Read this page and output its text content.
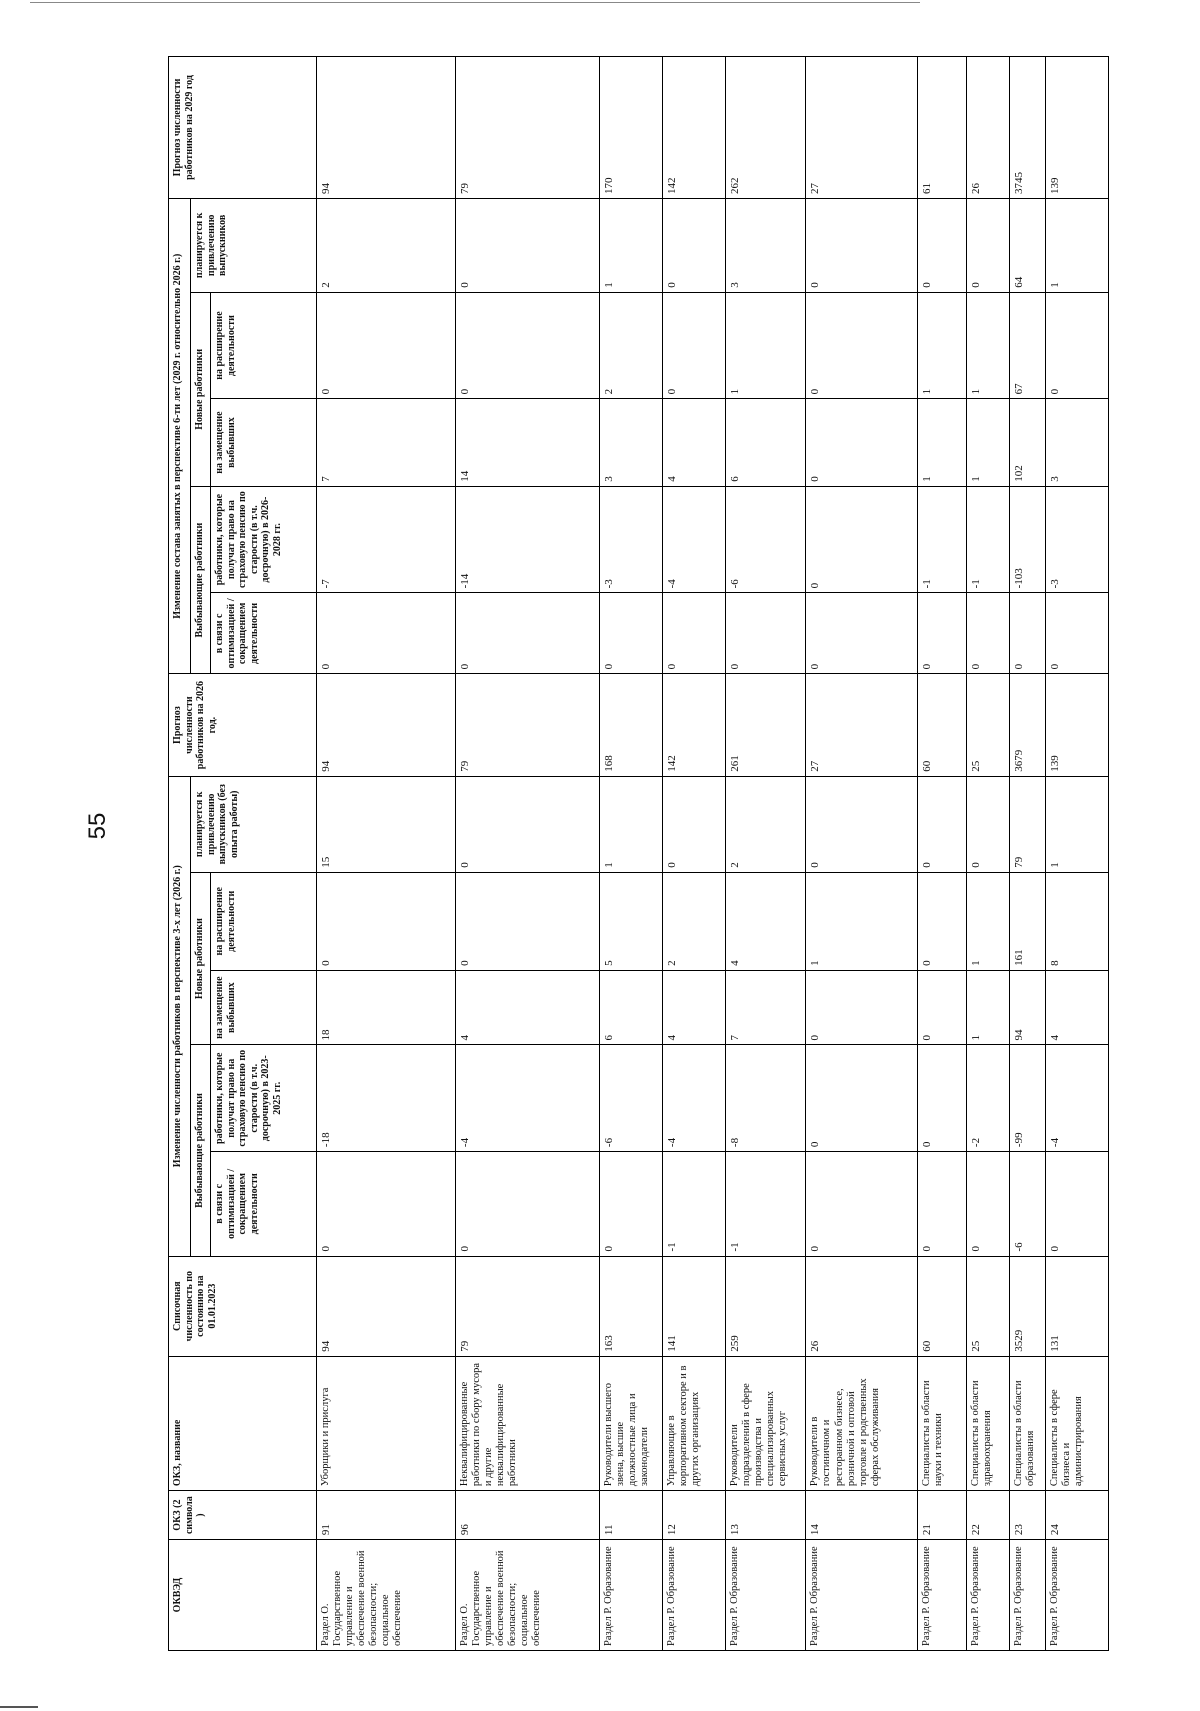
55
ОКВЭД	ОКЗ (2 символа)	ОКЗ, название	Списочная численность по состоянию на 01.01.2023	Изменение численности работников в перспективе 3-х лет (2026 г.)					Прогноз численности работников на 2026 год.	Изменение состава занятых в перспективе 6-ти лет (2029 г. относительно 2026 г.)					Прогноз численности работников на 2029 год
				Выбывающие работники		Новые работники		планируется к привлечению выпускников (без опыта работы)		Выбывающие работники		Новые работники		планируется к привлечению выпускников	
				в связи с оптимизацией / сокращением деятельности	работники, которые получат право на страховую пенсию по старости (в т.ч. досрочную) в 2023-2025 гг.	на замещение выбывших	на расширение деятельности			в связи с оптимизацией / сокращением деятельности	работники, которые получат право на страховую пенсию по старости (в т.ч. досрочную) в 2026-2028 гг.	на замещение выбывших	на расширение деятельности		
Раздел О. Государственное управление и обеспечение военной безопасности; социальное обеспечение	91	Уборщики и прислуга	94	0	-18	18	0	15	94	0	-7	7	0	2	94
Раздел О. Государственное управление и обеспечение военной безопасности; социальное обеспечение	96	Неквалифицированные работники по сбору мусора и другие неквалифицированные работники	79	0	-4	4	0	0	79	0	-14	14	0	0	79
Раздел Р. Образование	11	Руководители высшего звена, высшие должностные лица и законодатели	163	0	-6	6	5	1	168	0	-3	3	2	1	170
Раздел Р. Образование	12	Управляющие в корпоративном секторе и в других организациях	141	-1	-4	4	2	0	142	0	-4	4	0	0	142
Раздел Р. Образование	13	Руководители подразделений в сфере производства и специализированных сервисных услуг	259	-1	-8	7	4	2	261	0	-6	6	1	3	262
Раздел Р. Образование	14	Руководители в гостиничном и ресторанном бизнесе, розничной и оптовой торговле и родственных сферах обслуживания	26	0	0	0	1	0	27	0	0	0	0	0	27
Раздел Р. Образование	21	Специалисты в области науки и техники	60	0	0	0	0	0	60	0	-1	1	1	0	61
Раздел Р. Образование	22	Специалисты в области здравоохранения	25	0	-2	1	1	0	25	0	-1	1	1	0	26
Раздел Р. Образование	23	Специалисты в области образования	3529	-6	-99	94	161	79	3679	0	-103	102	67	64	3745
Раздел Р. Образование	24	Специалисты в сфере бизнеса и администрирования	131	0	-4	4	8	1	139	0	-3	3	0	1	139
